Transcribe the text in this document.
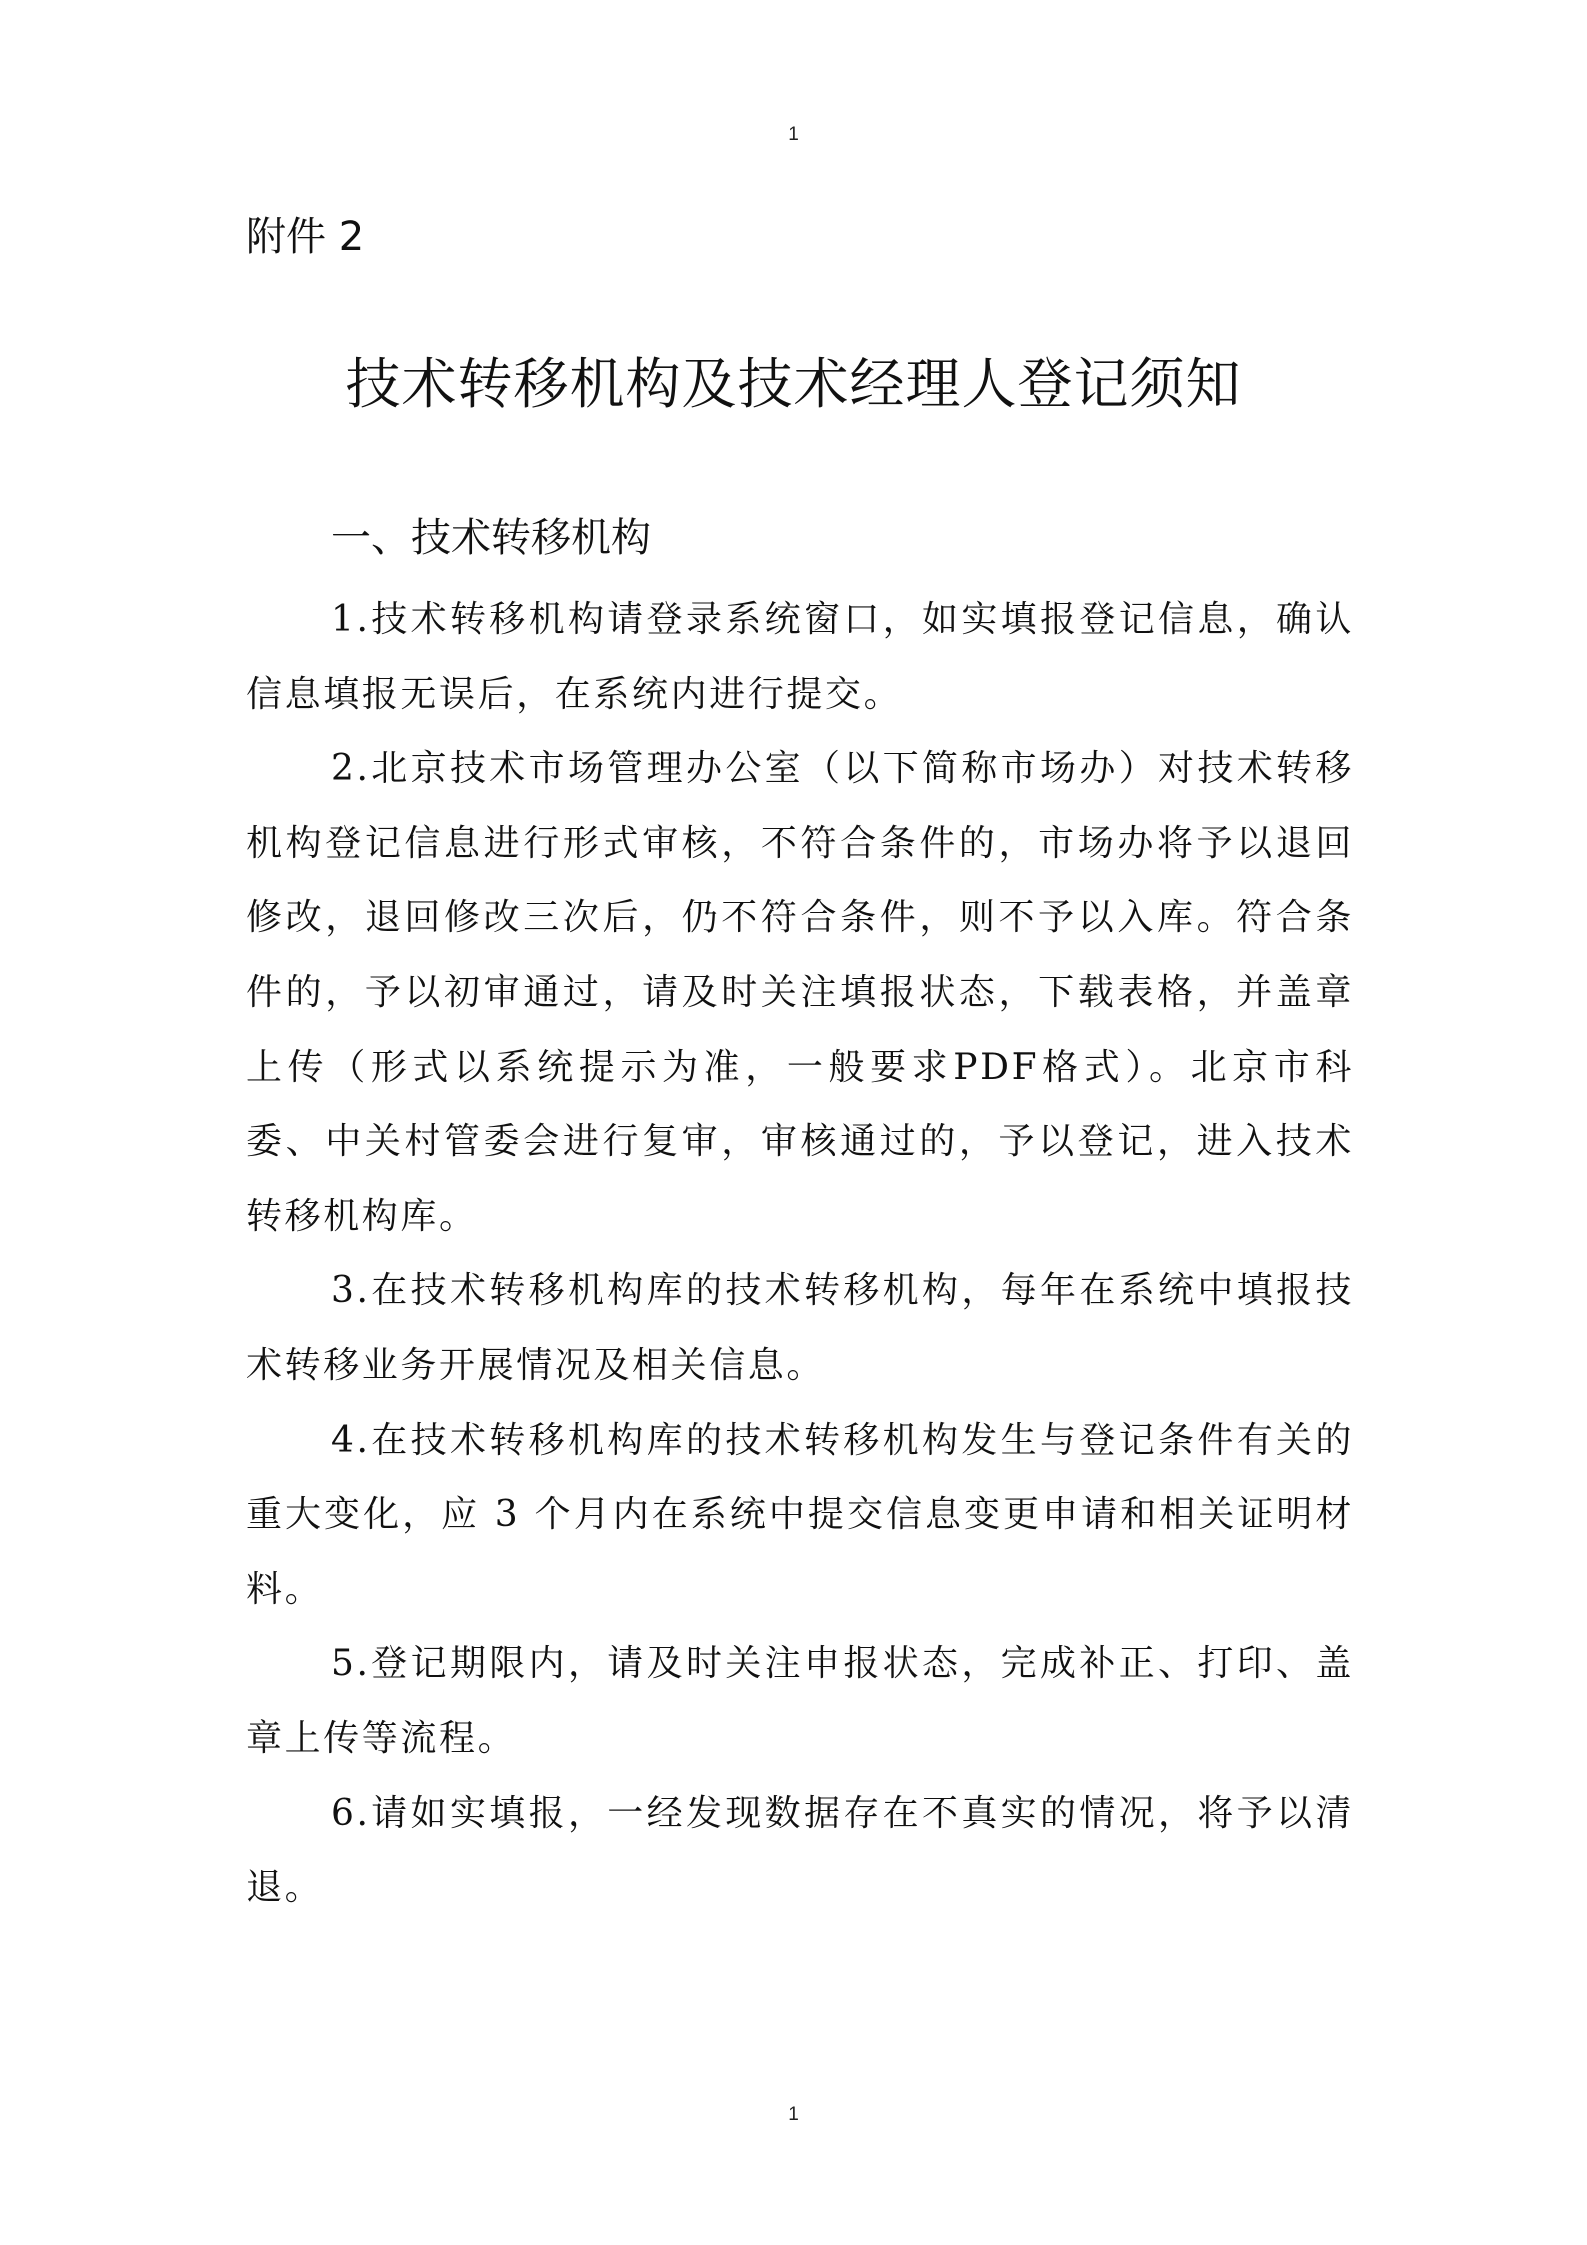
1
附件 2
技术转移机构及技术经理人登记须知
一、技术转移机构

1.技术转移机构请登录系统窗口，如实填报登记信息，确认信息填报无误后，在系统内进行提交。

2.北京技术市场管理办公室（以下简称市场办）对技术转移机构登记信息进行形式审核，不符合条件的，市场办将予以退回修改，退回修改三次后，仍不符合条件，则不予以入库。符合条件的，予以初审通过，请及时关注填报状态，下载表格，并盖章上传（形式以系统提示为准，一般要求PDF格式）。北京市科委、中关村管委会进行复审，审核通过的，予以登记，进入技术转移机构库。

3.在技术转移机构库的技术转移机构，每年在系统中填报技术转移业务开展情况及相关信息。

4.在技术转移机构库的技术转移机构发生与登记条件有关的重大变化，应 3 个月内在系统中提交信息变更申请和相关证明材料。

5.登记期限内，请及时关注申报状态，完成补正、打印、盖章上传等流程。

6.请如实填报，一经发现数据存在不真实的情况，将予以清退。

1
